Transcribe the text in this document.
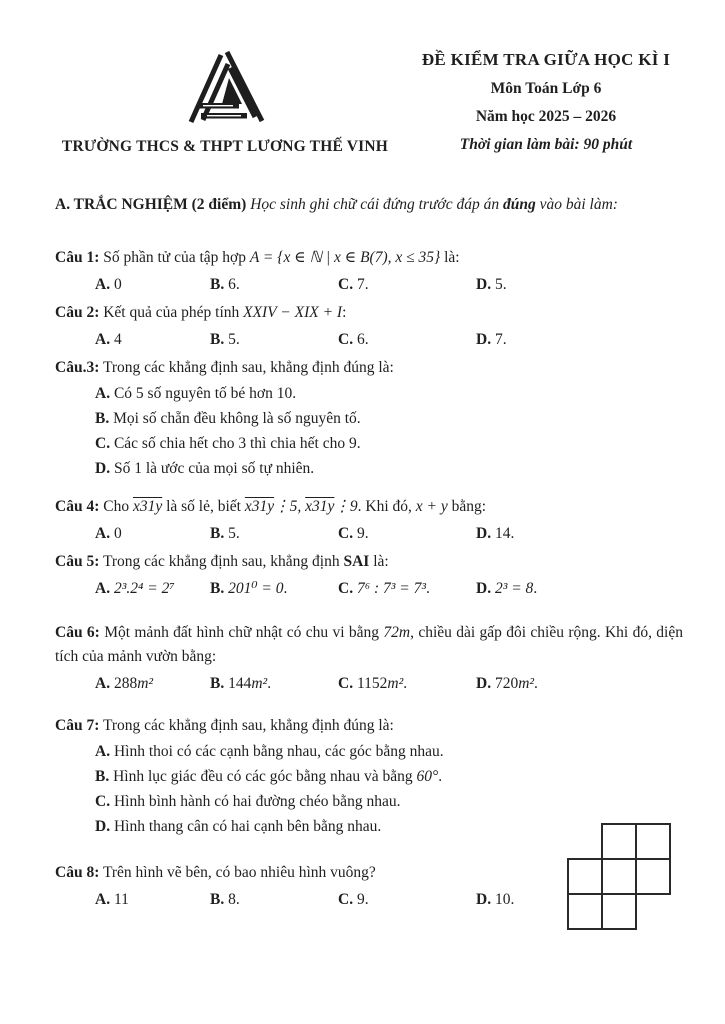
TRƯỜNG THCS & THPT LƯƠNG THẾ VINH
ĐỀ KIỂM TRA GIỮA HỌC KÌ I
Môn Toán Lớp 6
Năm học 2025 – 2026
Thời gian làm bài: 90 phút

A. TRẮC NGHIỆM (2 điểm) Học sinh ghi chữ cái đứng trước đáp án đúng vào bài làm:

Câu 1: Số phần tử của tập hợp A = {x ∈ ℕ | x ∈ B(7), x ≤ 35} là:

A. 0	B. 6.	C. 7.	D. 5.

Câu 2: Kết quả của phép tính XXIV − XIX + I:

A. 4	B. 5.	C. 6.	D. 7.

Câu.3: Trong các khẳng định sau, khẳng định đúng là:

A. Có 5 số nguyên tố bé hơn 10.
B. Mọi số chẵn đều không là số nguyên tố.
C. Các số chia hết cho 3 thì chia hết cho 9.
D. Số 1 là ước của mọi số tự nhiên.

Câu 4: Cho x31y là số lẻ, biết x31y⋮5, x31y⋮9. Khi đó, x + y bằng:

A. 0	B. 5.	C. 9.	D. 14.

Câu 5: Trong các khẳng định sau, khẳng định SAI là:

A. 2³.2⁴ = 2⁷	B. 201⁰ = 0.	C. 7⁶ : 7³ = 7³.	D. 2³ = 8.

Câu 6: Một mảnh đất hình chữ nhật có chu vi bằng 72m, chiều dài gấp đôi chiều rộng. Khi đó, diện tích của mảnh vườn bằng:

A. 288m²	B. 144m².	C. 1152m².	D. 720m².

Câu 7: Trong các khẳng định sau, khẳng định đúng là:

A. Hình thoi có các cạnh bằng nhau, các góc bằng nhau.
B. Hình lục giác đều có các góc bằng nhau và bằng 60°.
C. Hình bình hành có hai đường chéo bằng nhau.
D. Hình thang cân có hai cạnh bên bằng nhau.

Câu 8: Trên hình vẽ bên, có bao nhiêu hình vuông?

A. 11	B. 8.	C. 9.	D. 10.
